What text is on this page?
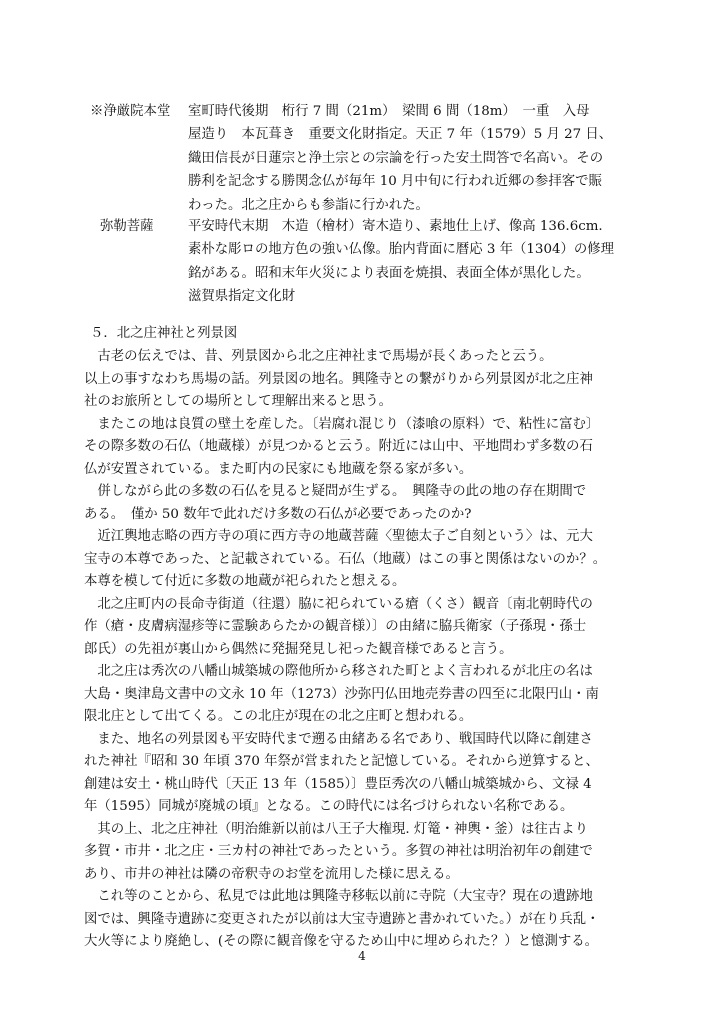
※浄厳院本堂 室町時代後期　桁行 7 間（21m）　梁間 6 間（18m）　一重　入母
屋造り　本瓦葺き　重要文化財指定。天正 7 年（1579）5 月 27 日、
織田信長が日蓮宗と浄土宗との宗論を行った安土問答で名高い。その
勝利を記念する勝関念仏が毎年 10 月中旬に行われ近郷の参拝客で賑
わった。北之庄からも参詣に行かれた。
弥勒菩薩	平安時代末期　木造（檜材）寄木造り、素地仕上げ、像高 136.6cm.
素朴な彫ロの地方色の強い仏像。胎内背面に暦応 3 年（1304）の修理
銘がある。昭和末年火災により表面を焼損、表面全体が黒化した。
滋賀県指定文化財
５．北之庄神社と列景図

　古老の伝えでは、昔、列景図から北之庄神社まで馬場が長くあったと云う。
以上の事すなわち馬場の話。列景図の地名。興隆寺との繋がりから列景図が北之庄神
社のお旅所としての場所として理解出来ると思う。

　またこの地は良質の壁土を産した。〔岩腐れ混じり（漆喰の原料）で、粘性に富む〕
その際多数の石仏（地蔵様）が見つかると云う。附近には山中、平地問わず多数の石
仏が安置されている。また町内の民家にも地蔵を祭る家が多い。

　併しながら此の多数の石仏を見ると疑問が生ずる。　興隆寺の此の地の存在期間で
ある。　僅か 50 数年で此れだけ多数の石仏が必要であったのか?

　近江輿地志略の西方寺の項に西方寺の地蔵菩薩〈聖徳太子ご自刻という〉は、元大
宝寺の本尊であった、と記載されている。石仏（地蔵）はこの事と関係はないのか？。
本尊を模して付近に多数の地蔵が祀られたと想える。

　北之庄町内の長命寺街道（往還）脇に祀られている瘡（くさ）観音〔南北朝時代の
作（瘡・皮膚病湿疹等に霊験あらたかの観音様）〕の由緒に脇兵衛家（子孫現・孫士
郎氏）の先祖が裏山から偶然に発掘発見し祀った観音様であると言う。

　北之庄は秀次の八幡山城築城の際他所から移された町とよく言われるが北庄の名は
大島・奥津島文書中の文永 10 年（1273）沙弥円仏田地売券書の四至に北限円山・南
限北庄として出てくる。この北庄が現在の北之庄町と想われる。

　また、地名の列景図も平安時代まで遡る由緒ある名であり、戦国時代以降に創建さ
れた神社『昭和 30 年頃 370 年祭が営まれたと記憶している。それから逆算すると、
創建は安土・桃山時代〔天正 13 年（1585）〕豊臣秀次の八幡山城築城から、文禄 4
年（1595）同城が廃城の頃』となる。この時代には名づけられない名称である。

　其の上、北之庄神社（明治維新以前は八王子大権現. 灯篭・神輿・釜）は往古より
多賀・市井・北之庄・三カ村の神社であったという。多賀の神社は明治初年の創建で
あり、市井の神社は隣の帝釈寺のお堂を流用した様に思える。

　これ等のことから、私見では此地は興隆寺移転以前に寺院（大宝寺？現在の遺跡地
図では、興隆寺遺跡に変更されたが以前は大宝寺遺跡と書かれていた。）が在り兵乱・
大火等により廃絶し、(その際に観音像を守るため山中に埋められた？）と憶測する。

4
